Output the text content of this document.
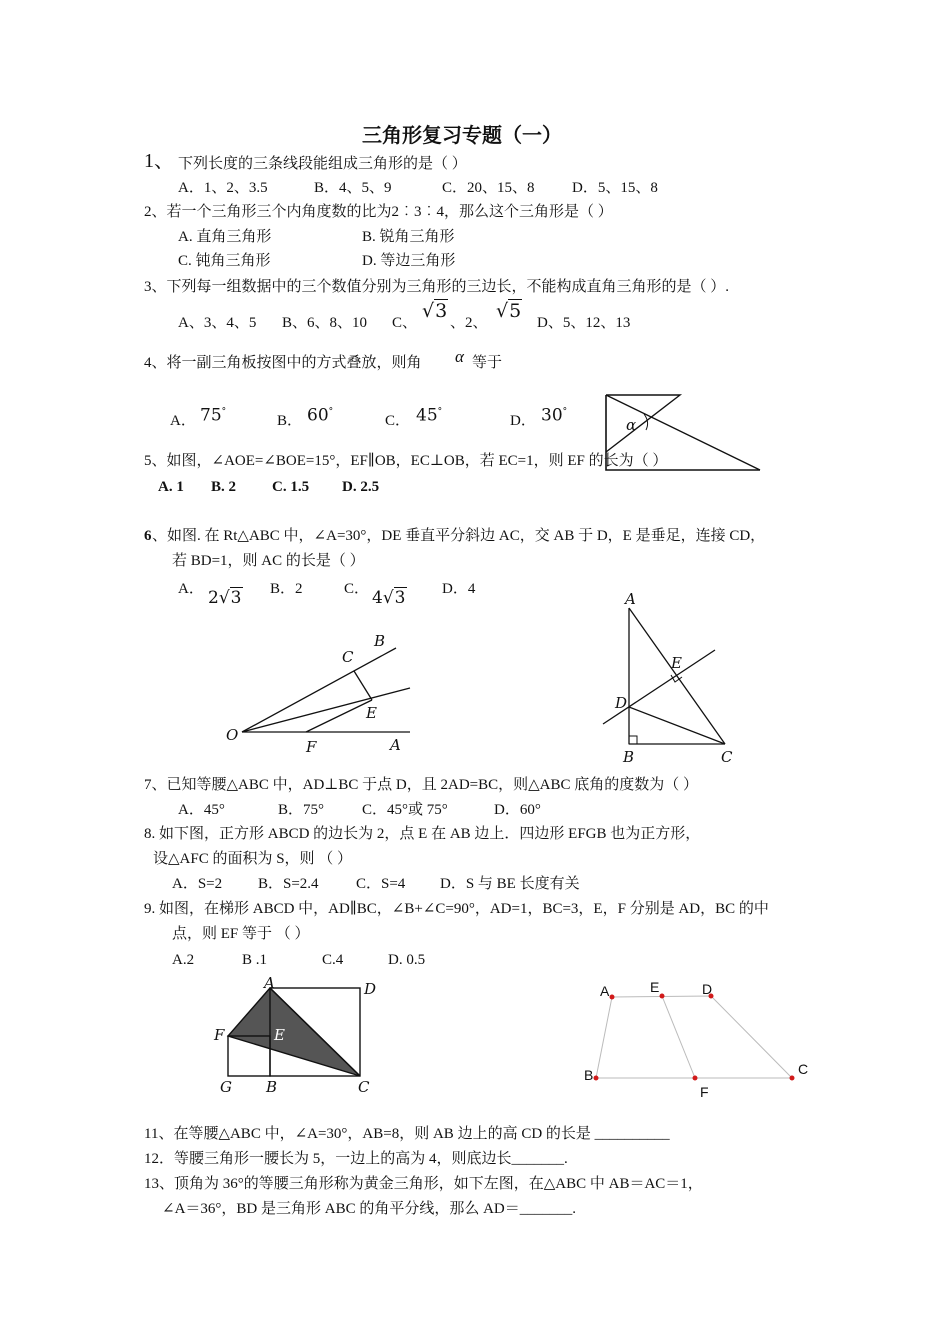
三角形复习专题（一）
1、 下列长度的三条线段能组成三角形的是（ ）
A．1、2、3.5	B．4、5、9	C．20、15、8 D．5、15、8
2、若一个三角形三个内角度数的比为2︰3︰4，那么这个三角形是（ ）
A. 直角三角形	B. 锐角三角形
C. 钝角三角形	D. 等边三角形
3、下列每一组数据中的三个数值分别为三角形的三边长，不能构成直角三角形的是（ ）.
A、3、4、5 B、6、8、10 C、
√3
、2、
√5
D、5、12、13
4、将一副三角板按图中的方式叠放，则角 α 等于
A． 75°
B． 60°
C． 45°
D． 30°
α
5、如图，∠AOE=∠BOE=15°，EF∥OB，EC⊥OB，若 EC=1，则 EF 的长为（ ）
A. 1 B. 2 C. 1.5 D. 2.5
6 、如图. 在 Rt△ABC 中，∠A=30°，DE 垂直平分斜边 AC，交 AB 于 D，E 是垂足，连接 CD，
若 BD=1，则 AC 的长是（ ）
A． 2√3 B．2	C． 4√3 D．4
O
F	A
C
B
E
A
E
D
B	C
7、已知等腰△ABC 中，AD⊥BC 于点 D，且 2AD=BC，则△ABC 底角的度数为（ ）
A．45°	B．75°	C．45°或 75°	D．60°
8. 如下图，正方形 ABCD 的边长为 2，点 E 在 AB 边上．四边形 EFGB 也为正方形，
设△AFC 的面积为 S，则 （ ）
A．S=2 B．S=2.4 C．S=4 D．S 与 BE 长度有关
9. 如图，在梯形 ABCD 中，AD∥BC，∠B+∠C=90°，AD=1，BC=3，E，F 分别是 AD，BC 的中
点，则 EF 等于 （ ）
A.2	B .1	C.4	D. 0.5
A	D
F	E
G B	C
A	E	D
B
F
C
11、在等腰△ABC 中，∠A=30°，AB=8，则 AB 边上的高 CD 的长是 __________
12．等腰三角形一腰长为 5，一边上的高为 4，则底边长_______.
13、顶角为 36°的等腰三角形称为黄金三角形，如下左图，在△ABC 中 AB＝AC＝1，
∠A＝36°，BD 是三角形 ABC 的角平分线，那么 AD＝_______.
